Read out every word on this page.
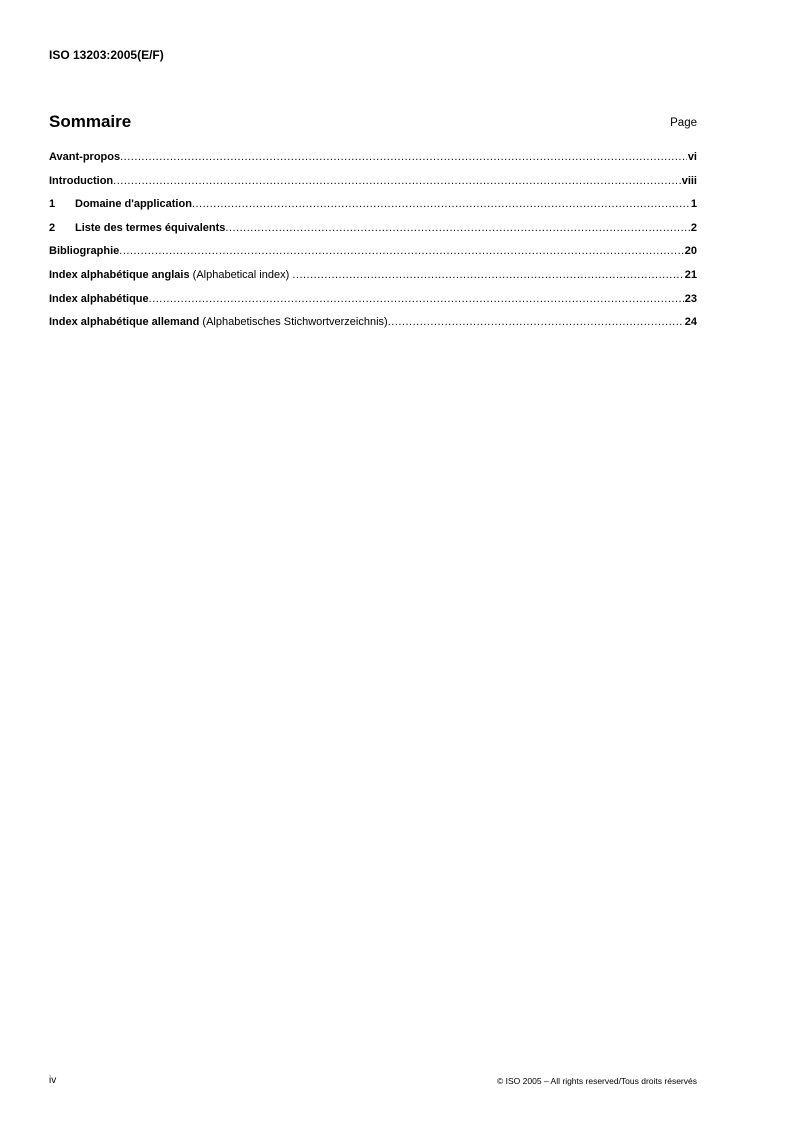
ISO 13203:2005(E/F)

Sommaire	Page
Avant-propos .....	vi
Introduction .....	viii
1 Domaine d'application .....	1
2 Liste des termes équivalents .....	2
Bibliographie .....	20
Index alphabétique anglais (Alphabetical index) .....	21
Index alphabétique .....	23
Index alphabétique allemand (Alphabetisches Stichwortverzeichnis) .....	24
iv	© ISO 2005 – All rights reserved/Tous droits réservés
